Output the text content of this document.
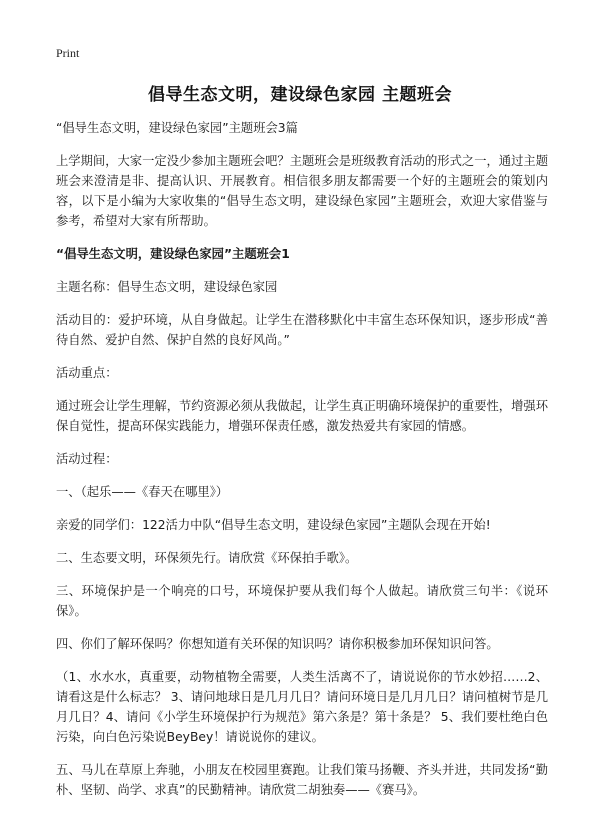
Print
倡导生态文明，建设绿色家园 主题班会

“倡导生态文明，建设绿色家园”主题班会3篇

上学期间，大家一定没少参加主题班会吧？主题班会是班级教育活动的形式之一，通过主题班会来澄清是非、提高认识、开展教育。相信很多朋友都需要一个好的主题班会的策划内容，以下是小编为大家收集的“倡导生态文明，建设绿色家园”主题班会，欢迎大家借鉴与参考，希望对大家有所帮助。

“倡导生态文明，建设绿色家园”主题班会1

主题名称：倡导生态文明，建设绿色家园

活动目的：爱护环境，从自身做起。让学生在潜移默化中丰富生态环保知识，逐步形成“善待自然、爱护自然、保护自然的良好风尚。”

活动重点：

通过班会让学生理解，节约资源必须从我做起，让学生真正明确环境保护的重要性，增强环保自觉性，提高环保实践能力，增强环保责任感，激发热爱共有家园的情感。

活动过程：

一、（起乐——《春天在哪里》）

亲爱的同学们：122活力中队“倡导生态文明，建设绿色家园”主题队会现在开始!

二、生态要文明，环保须先行。请欣赏《环保拍手歌》。

三、环境保护是一个响亮的口号，环境保护要从我们每个人做起。请欣赏三句半：《说环保》。

四、你们了解环保吗？你想知道有关环保的知识吗？请你积极参加环保知识问答。

（1、水水水，真重要，动物植物全需要，人类生活离不了，请说说你的节水妙招……2、请看这是什么标志？ 3、请问地球日是几月几日？请问环境日是几月几日？请问植树节是几月几日？4、请问《小学生环境保护行为规范》第六条是？第十条是？ 5、我们要杜绝白色污染，向白色污染说BeyBey！请说说你的建议。

五、马儿在草原上奔驰，小朋友在校园里赛跑。让我们策马扬鞭、齐头并进，共同发扬“勤朴、坚韧、尚学、求真”的民勤精神。请欣赏二胡独奏——《赛马》。
